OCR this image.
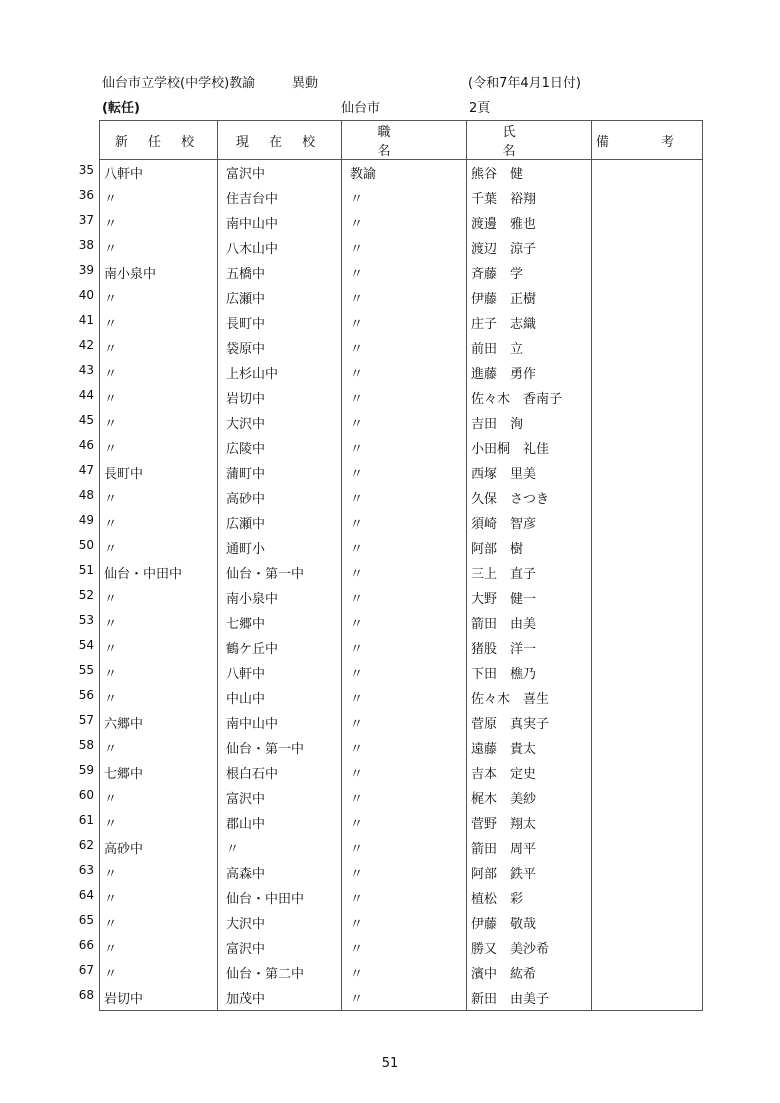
仙台市立学校(中学校)教諭	異動	(令和7年4月1日付)
(転任)	仙台市	2頁
新 任 校	現 在 校	職 名	氏 名	備 考

35 八軒中	富沢中	教諭	熊谷　健	

36 〃	住吉台中	〃	千葉　裕翔	

37 〃	南中山中	〃	渡邊　雅也	

38 〃	八木山中	〃	渡辺　涼子	

39 南小泉中	五橋中	〃	斉藤　学	

40 〃	広瀬中	〃	伊藤　正樹	

41 〃	長町中	〃	庄子　志織	

42 〃	袋原中	〃	前田　立	

43 〃	上杉山中	〃	進藤　勇作	

44 〃	岩切中	〃	佐々木　香南子	

45 〃	大沢中	〃	吉田　洵	

46 〃	広陵中	〃	小田桐　礼佳	

47 長町中	蒲町中	〃	西塚　里美	

48 〃	高砂中	〃	久保　さつき	

49 〃	広瀬中	〃	須崎　智彦	

50 〃	通町小	〃	阿部　樹	

51 仙台・中田中	仙台・第一中	〃	三上　直子	

52 〃	南小泉中	〃	大野　健一	

53 〃	七郷中	〃	箭田　由美	

54 〃	鶴ケ丘中	〃	猪股　洋一	

55 〃	八軒中	〃	下田　樵乃	

56 〃	中山中	〃	佐々木　喜生	

57 六郷中	南中山中	〃	菅原　真実子	

58 〃	仙台・第一中	〃	遠藤　貴太	

59 七郷中	根白石中	〃	吉本　定史	

60 〃	富沢中	〃	梶木　美紗	

61 〃	郡山中	〃	菅野　翔太	

62 高砂中	〃	〃	箭田　周平	

63 〃	高森中	〃	阿部　鉄平	

64 〃	仙台・中田中	〃	植松　彩	

65 〃	大沢中	〃	伊藤　敬哉	

66 〃	富沢中	〃	勝又　美沙希	

67 〃	仙台・第二中	〃	濱中　紘希	

68 岩切中	加茂中	〃	新田　由美子	
51
